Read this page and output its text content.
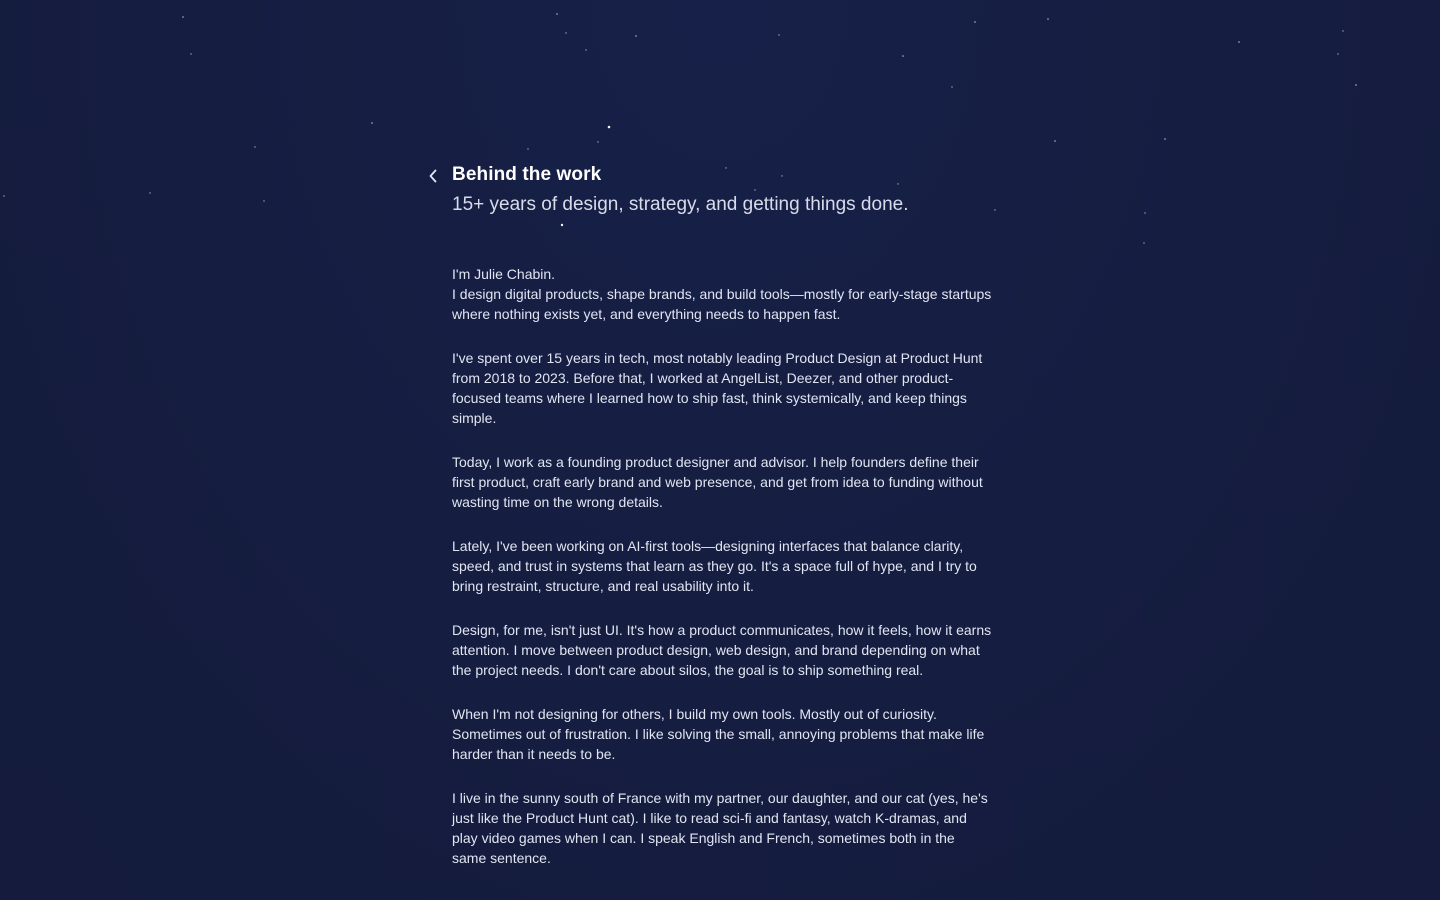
Behind the work
15+ years of design, strategy, and getting things done.

I'm Julie Chabin.
I design digital products, shape brands, and build tools—mostly for early-stage startups where nothing exists yet, and everything needs to happen fast.

I've spent over 15 years in tech, most notably leading Product Design at Product Hunt from 2018 to 2023. Before that, I worked at AngelList, Deezer, and other product-focused teams where I learned how to ship fast, think systemically, and keep things simple.

Today, I work as a founding product designer and advisor. I help founders define their first product, craft early brand and web presence, and get from idea to funding without wasting time on the wrong details.

Lately, I've been working on AI-first tools—designing interfaces that balance clarity, speed, and trust in systems that learn as they go. It's a space full of hype, and I try to bring restraint, structure, and real usability into it.

Design, for me, isn't just UI. It's how a product communicates, how it feels, how it earns attention. I move between product design, web design, and brand depending on what the project needs. I don't care about silos, the goal is to ship something real.

When I'm not designing for others, I build my own tools. Mostly out of curiosity. Sometimes out of frustration. I like solving the small, annoying problems that make life harder than it needs to be.

I live in the sunny south of France with my partner, our daughter, and our cat (yes, he's just like the Product Hunt cat). I like to read sci-fi and fantasy, watch K-dramas, and play video games when I can. I speak English and French, sometimes both in the same sentence.
